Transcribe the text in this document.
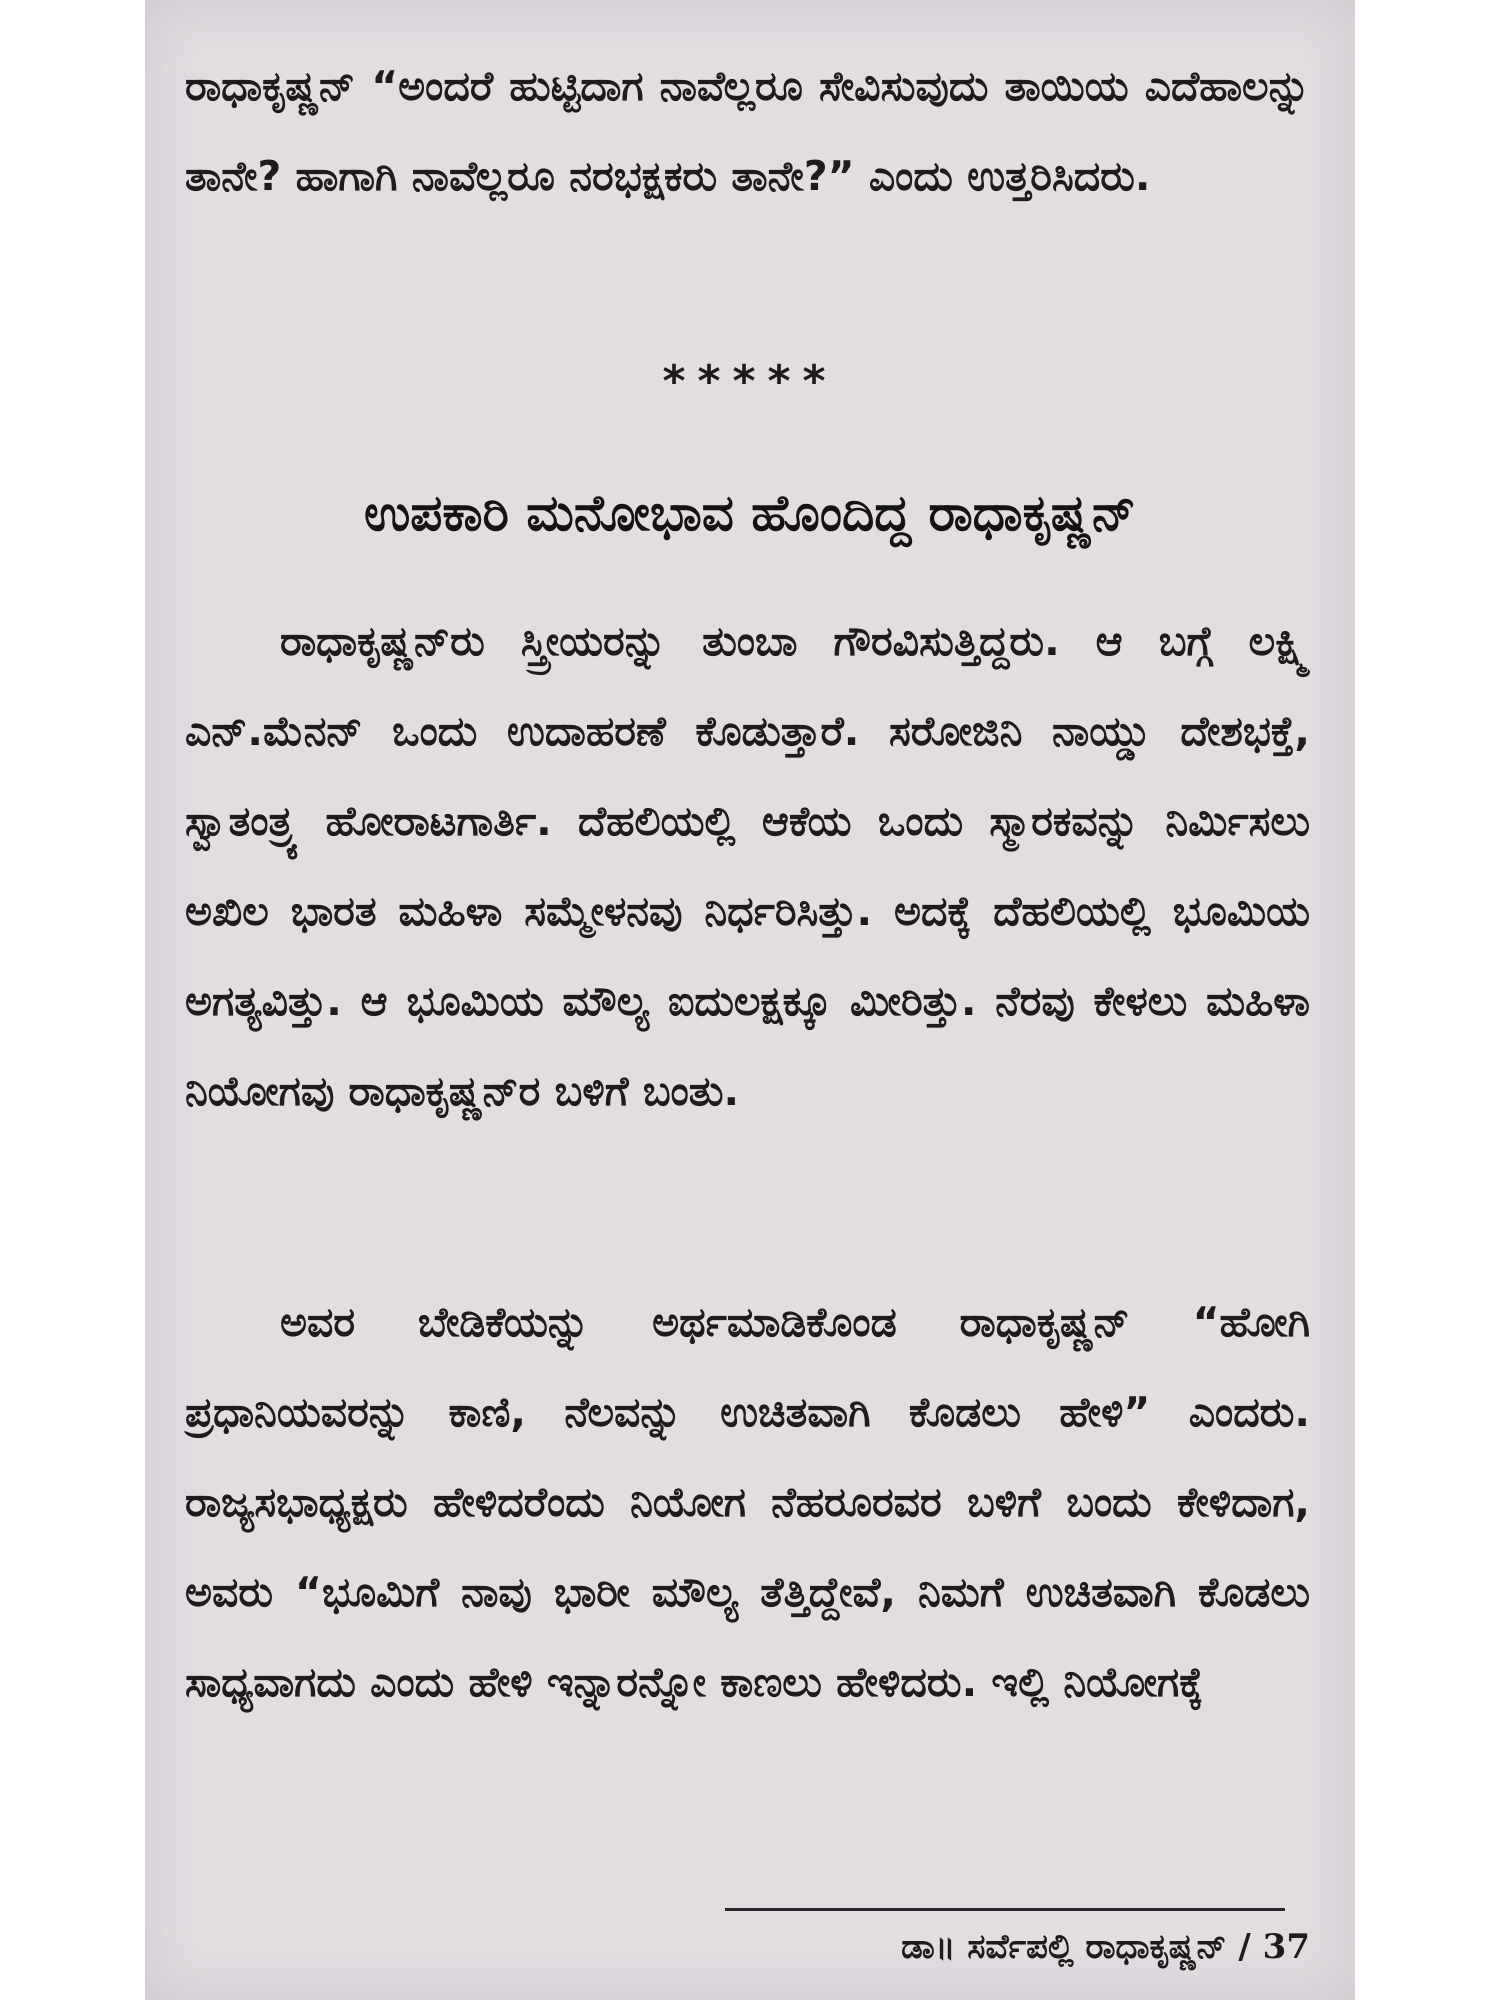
ರಾಧಾಕೃಷ್ಣನ್ “ಅಂದರೆ ಹುಟ್ಟಿದಾಗ ನಾವೆಲ್ಲರೂ ಸೇವಿಸುವುದು ತಾಯಿಯ ಎದೆಹಾಲನ್ನು ತಾನೇ? ಹಾಗಾಗಿ ನಾವೆಲ್ಲರೂ ನರಭಕ್ಷಕರು ತಾನೇ?” ಎಂದು ಉತ್ತರಿಸಿದರು.
*****
ಉಪಕಾರಿ ಮನೋಭಾವ ಹೊಂದಿದ್ದ ರಾಧಾಕೃಷ್ಣನ್
ರಾಧಾಕೃಷ್ಣನ್‌ರು ಸ್ತ್ರೀಯರನ್ನು ತುಂಬಾ ಗೌರವಿಸುತ್ತಿದ್ದರು. ಆ ಬಗ್ಗೆ ಲಕ್ಷ್ಮಿ ಎನ್.ಮೆನನ್ ಒಂದು ಉದಾಹರಣೆ ಕೊಡುತ್ತಾರೆ. ಸರೋಜಿನಿ ನಾಯ್ಡು ದೇಶಭಕ್ತೆ, ಸ್ವಾತಂತ್ರ್ಯ ಹೋರಾಟಗಾರ್ತಿ. ದೆಹಲಿಯಲ್ಲಿ ಆಕೆಯ ಒಂದು ಸ್ಮಾರಕವನ್ನು ನಿರ್ಮಿಸಲು ಅಖಿಲ ಭಾರತ ಮಹಿಳಾ ಸಮ್ಮೇಳನವು ನಿರ್ಧರಿಸಿತ್ತು. ಅದಕ್ಕೆ ದೆಹಲಿಯಲ್ಲಿ ಭೂಮಿಯ ಅಗತ್ಯವಿತ್ತು. ಆ ಭೂಮಿಯ ಮೌಲ್ಯ ಐದುಲಕ್ಷಕ್ಕೂ ಮೀರಿತ್ತು. ನೆರವು ಕೇಳಲು ಮಹಿಳಾ ನಿಯೋಗವು ರಾಧಾಕೃಷ್ಣನ್‌ರ ಬಳಿಗೆ ಬಂತು.
ಅವರ ಬೇಡಿಕೆಯನ್ನು ಅರ್ಥಮಾಡಿಕೊಂಡ ರಾಧಾಕೃಷ್ಣನ್ “ಹೋಗಿ ಪ್ರಧಾನಿಯವರನ್ನು ಕಾಣಿ, ನೆಲವನ್ನು ಉಚಿತವಾಗಿ ಕೊಡಲು ಹೇಳಿ” ಎಂದರು. ರಾಜ್ಯಸಭಾಧ್ಯಕ್ಷರು ಹೇಳಿದರೆಂದು ನಿಯೋಗ ನೆಹರೂರವರ ಬಳಿಗೆ ಬಂದು ಕೇಳಿದಾಗ, ಅವರು “ಭೂಮಿಗೆ ನಾವು ಭಾರೀ ಮೌಲ್ಯ ತೆತ್ತಿದ್ದೇವೆ, ನಿಮಗೆ ಉಚಿತವಾಗಿ ಕೊಡಲು ಸಾಧ್ಯವಾಗದು ಎಂದು ಹೇಳಿ ಇನ್ನಾರನ್ನೋ ಕಾಣಲು ಹೇಳಿದರು. ಇಲ್ಲಿ ನಿಯೋಗಕ್ಕೆ
ಡಾ॥ ಸರ್ವೆಪಲ್ಲಿ ರಾಧಾಕೃಷ್ಣನ್ / 37
